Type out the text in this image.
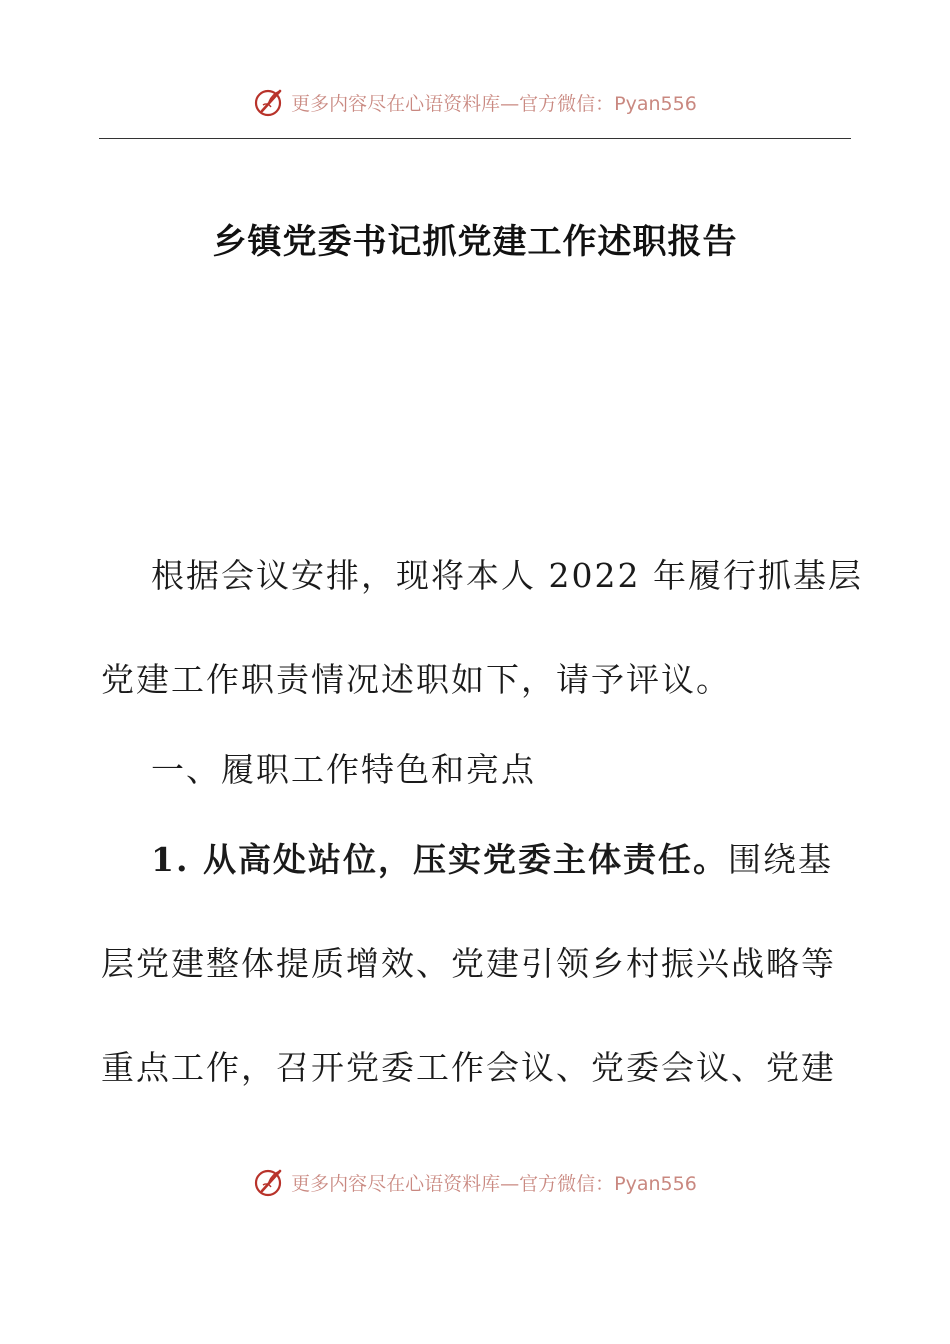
更多内容尽在心语资料库—官方微信：Pyan556
乡镇党委书记抓党建工作述职报告
根据会议安排，现将本人 2022 年履行抓基层
党建工作职责情况述职如下，请予评议。
一、履职工作特色和亮点
1. 从高处站位，压实党委主体责任。围绕基
层党建整体提质增效、党建引领乡村振兴战略等
重点工作，召开党委工作会议、党委会议、党建
更多内容尽在心语资料库—官方微信：Pyan556
